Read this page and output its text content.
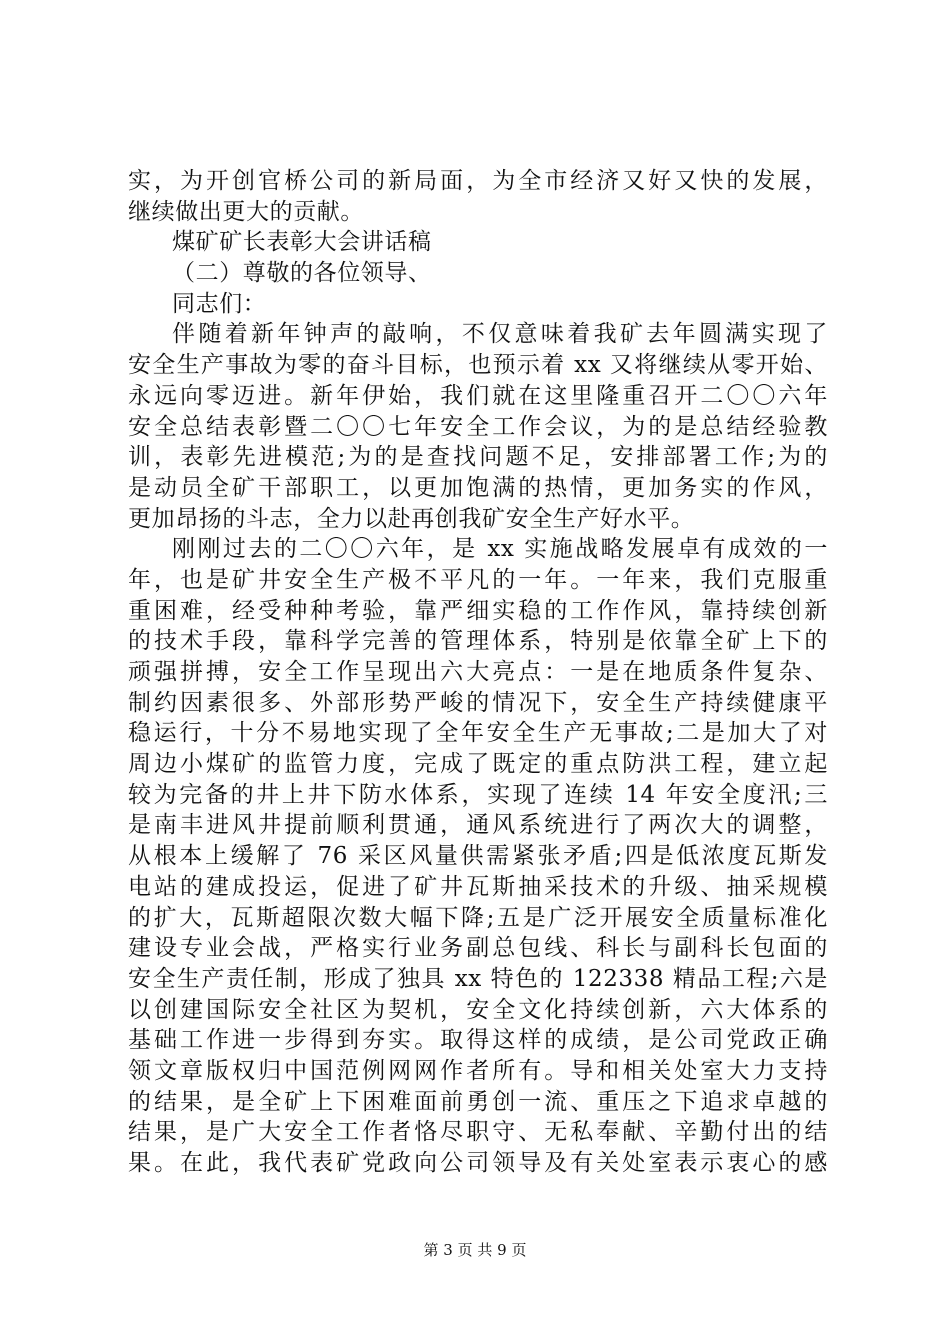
实，为开创官桥公司的新局面，为全市经济又好又快的发展，
继续做出更大的贡献。
煤矿矿长表彰大会讲话稿
（二）尊敬的各位领导、
同志们：
伴随着新年钟声的敲响，不仅意味着我矿去年圆满实现了
安全生产事故为零的奋斗目标，也预示着 xx 又将继续从零开始、
永远向零迈进。新年伊始，我们就在这里隆重召开二〇〇六年
安全总结表彰暨二〇〇七年安全工作会议，为的是总结经验教
训，表彰先进模范;为的是查找问题不足，安排部署工作;为的
是动员全矿干部职工，以更加饱满的热情，更加务实的作风，
更加昂扬的斗志，全力以赴再创我矿安全生产好水平。
刚刚过去的二〇〇六年，是 xx 实施战略发展卓有成效的一
年，也是矿井安全生产极不平凡的一年。一年来，我们克服重
重困难，经受种种考验，靠严细实稳的工作作风，靠持续创新
的技术手段，靠科学完善的管理体系，特别是依靠全矿上下的
顽强拼搏，安全工作呈现出六大亮点：一是在地质条件复杂、
制约因素很多、外部形势严峻的情况下，安全生产持续健康平
稳运行，十分不易地实现了全年安全生产无事故;二是加大了对
周边小煤矿的监管力度，完成了既定的重点防洪工程，建立起
较为完备的井上井下防水体系，实现了连续 14 年安全度汛;三
是南丰进风井提前顺利贯通，通风系统进行了两次大的调整，
从根本上缓解了 76 采区风量供需紧张矛盾;四是低浓度瓦斯发
电站的建成投运，促进了矿井瓦斯抽采技术的升级、抽采规模
的扩大，瓦斯超限次数大幅下降;五是广泛开展安全质量标准化
建设专业会战，严格实行业务副总包线、科长与副科长包面的
安全生产责任制，形成了独具 xx 特色的 122338 精品工程;六是
以创建国际安全社区为契机，安全文化持续创新，六大体系的
基础工作进一步得到夯实。取得这样的成绩，是公司党政正确
领文章版权归中国范例网网作者所有。导和相关处室大力支持
的结果，是全矿上下困难面前勇创一流、重压之下追求卓越的
结果，是广大安全工作者恪尽职守、无私奉献、辛勤付出的结
果。在此，我代表矿党政向公司领导及有关处室表示衷心的感
第 3 页 共 9 页
